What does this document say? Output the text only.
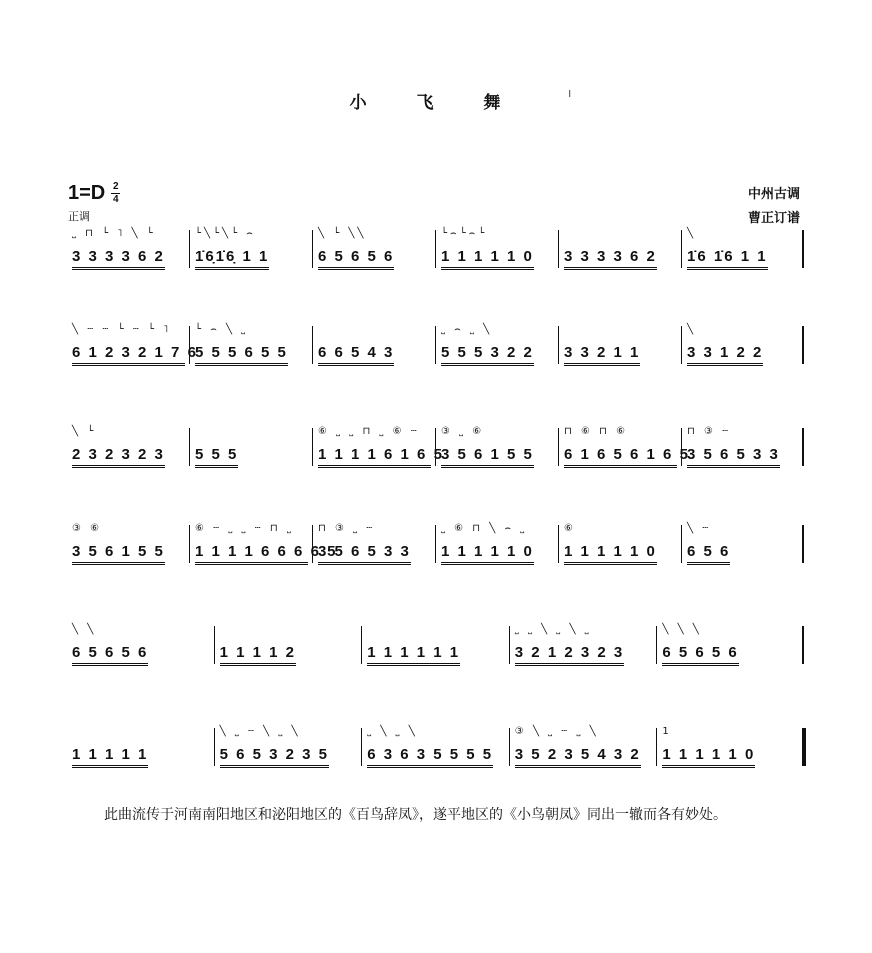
小 飞 舞	ı
$1=D \frac{2}{4}$
正调
中州古调
曹正订谱
˽ ⊓ └ ˥ ╲ └
3 3 3 3 6 2
└╲└╲└ ⌢
1̇6̣1̇6̣ 1 1
╲ └ ╲╲
6 5 6 5 6
└⌢└⌢└
1 1 1 1 1 0 3 3 3 3 6 2
╲
1̇6 1̇6 1 1
╲ ┄ ┄ └ ┄ └ ˥
6 1 2 3 2 1 7 6
└ ⌢ ╲ ˽
5 5 5 6 5 5 6 6 5 4 3
˽ ⌢ ˽ ╲
5 5 5 3 2 2 3 3 2 1 1
╲
3 3 1 2 2
╲ └
2 3 2 3 2 3 5 5 5
⑥ ˽ ˽ ⊓ ˽ ⑥ ┄
1 1 1 1 6 1 6 5
③ ˽ ⑥
3 5 6 1 5 5
⊓ ⑥ ⊓ ⑥
6 1 6 5 6 1 6 5
⊓ ③ ┄
3 5 6 5 3 3
③ ⑥
3 5 6 1 5 5
⑥ ┄ ˽ ˽ ┄ ⊓ ˽
1 1 1 1 6 6 6 6 5
⊓ ③ ˽ ┄
3 5 6 5 3 3
˽ ⑥ ⊓ ╲ ⌢ ˽
1 1 1 1 1 0
⑥
1 1 1 1 1 0
╲ ┄
6 5 6
╲ ╲
6 5 6 5 6	1 1 1 1 2	1 1 1 1 1 1
˽ ˽ ╲ ˽ ╲ ˽
3 2 1 2 3 2 3
╲ ╲ ╲
6 5 6 5 6
1 1 1 1 1
╲ ˽ ┄ ╲ ˽ ╲
5 6 5 3 2 3 5
˽ ╲ ˽ ╲
6 3 6 3 5 5 5 5
③ ╲ ˽ ┄ ˽ ╲
3 5 2 3 5 4 3 2
1
1 1 1 1 1 0
此曲流传于河南南阳地区和泌阳地区的《百鸟辞凤》，遂平地区的《小鸟朝凤》同出一辙而各有妙处。
